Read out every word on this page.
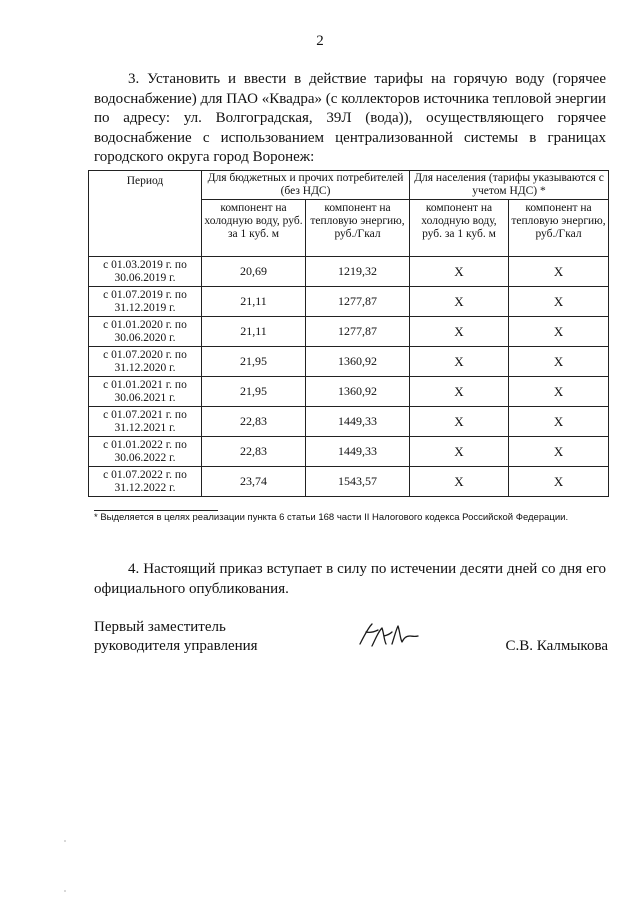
2
3. Установить и ввести в действие тарифы на горячую воду (горячее водоснабжение) для ПАО «Квадра» (с коллекторов источника тепловой энергии по адресу: ул. Волгоградская, 39Л (вода)), осуществляющего горячее водоснабжение с использованием централизованной системы в границах городского округа город Воронеж:
Период	Для бюджетных и прочих потребителей (без НДС)		Для населения (тарифы указываются с учетом НДС) *	
	компонент на холодную воду, руб. за 1 куб. м	компонент на тепловую энергию, руб./Гкал	компонент на холодную воду, руб. за 1 куб. м	компонент на тепловую энергию, руб./Гкал

с 01.03.2019 г. по
30.06.2019 г.	20,69	1219,32	Х	Х

с 01.07.2019 г. по
31.12.2019 г.	21,11	1277,87	Х	Х

с 01.01.2020 г. по
30.06.2020 г.	21,11	1277,87	Х	Х

с 01.07.2020 г. по
31.12.2020 г.	21,95	1360,92	Х	Х

с 01.01.2021 г. по
30.06.2021 г.	21,95	1360,92	Х	Х

с 01.07.2021 г. по
31.12.2021 г.	22,83	1449,33	Х	Х

с 01.01.2022 г. по
30.06.2022 г.	22,83	1449,33	Х	Х

с 01.07.2022 г. по
31.12.2022 г.	23,74	1543,57	Х	Х
* Выделяется в целях реализации пункта 6 статьи 168 части II Налогового кодекса Российской Федерации.
4. Настоящий приказ вступает в силу по истечении десяти дней со дня его официального опубликования.
Первый заместитель
руководителя управления	С.В. Калмыкова
